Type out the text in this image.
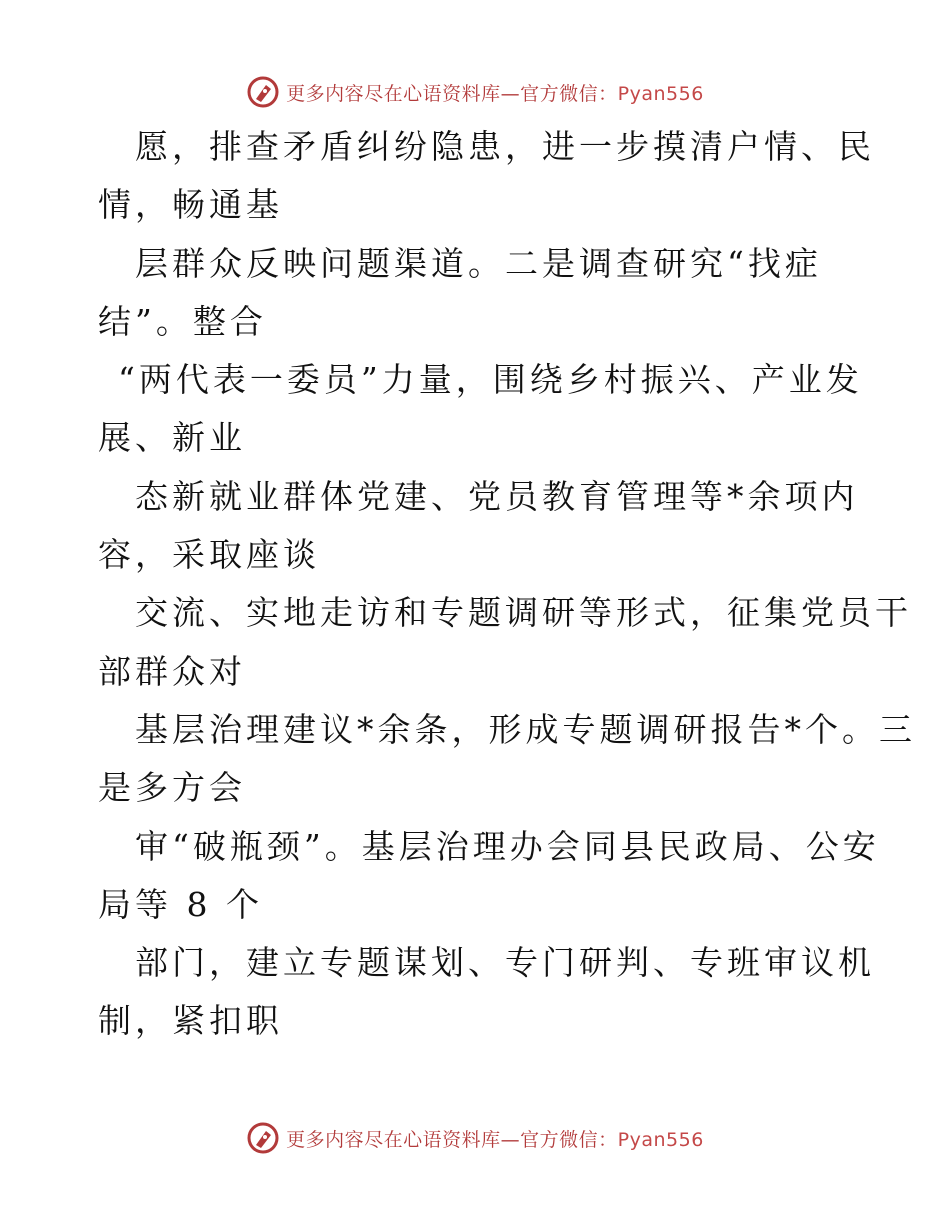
更多内容尽在心语资料库—官方微信：Pyan556
愿，排查矛盾纠纷隐患，进一步摸清户情、民
情，畅通基
层群众反映问题渠道。二是调查研究“找症
结”。整合
“两代表一委员”力量，围绕乡村振兴、产业发
展、新业
态新就业群体党建、党员教育管理等*余项内
容，采取座谈
交流、实地走访和专题调研等形式，征集党员干
部群众对
基层治理建议*余条，形成专题调研报告*个。三
是多方会
审“破瓶颈”。基层治理办会同县民政局、公安
局等 8 个
部门，建立专题谋划、专门研判、专班审议机
制，紧扣职
更多内容尽在心语资料库—官方微信：Pyan556
